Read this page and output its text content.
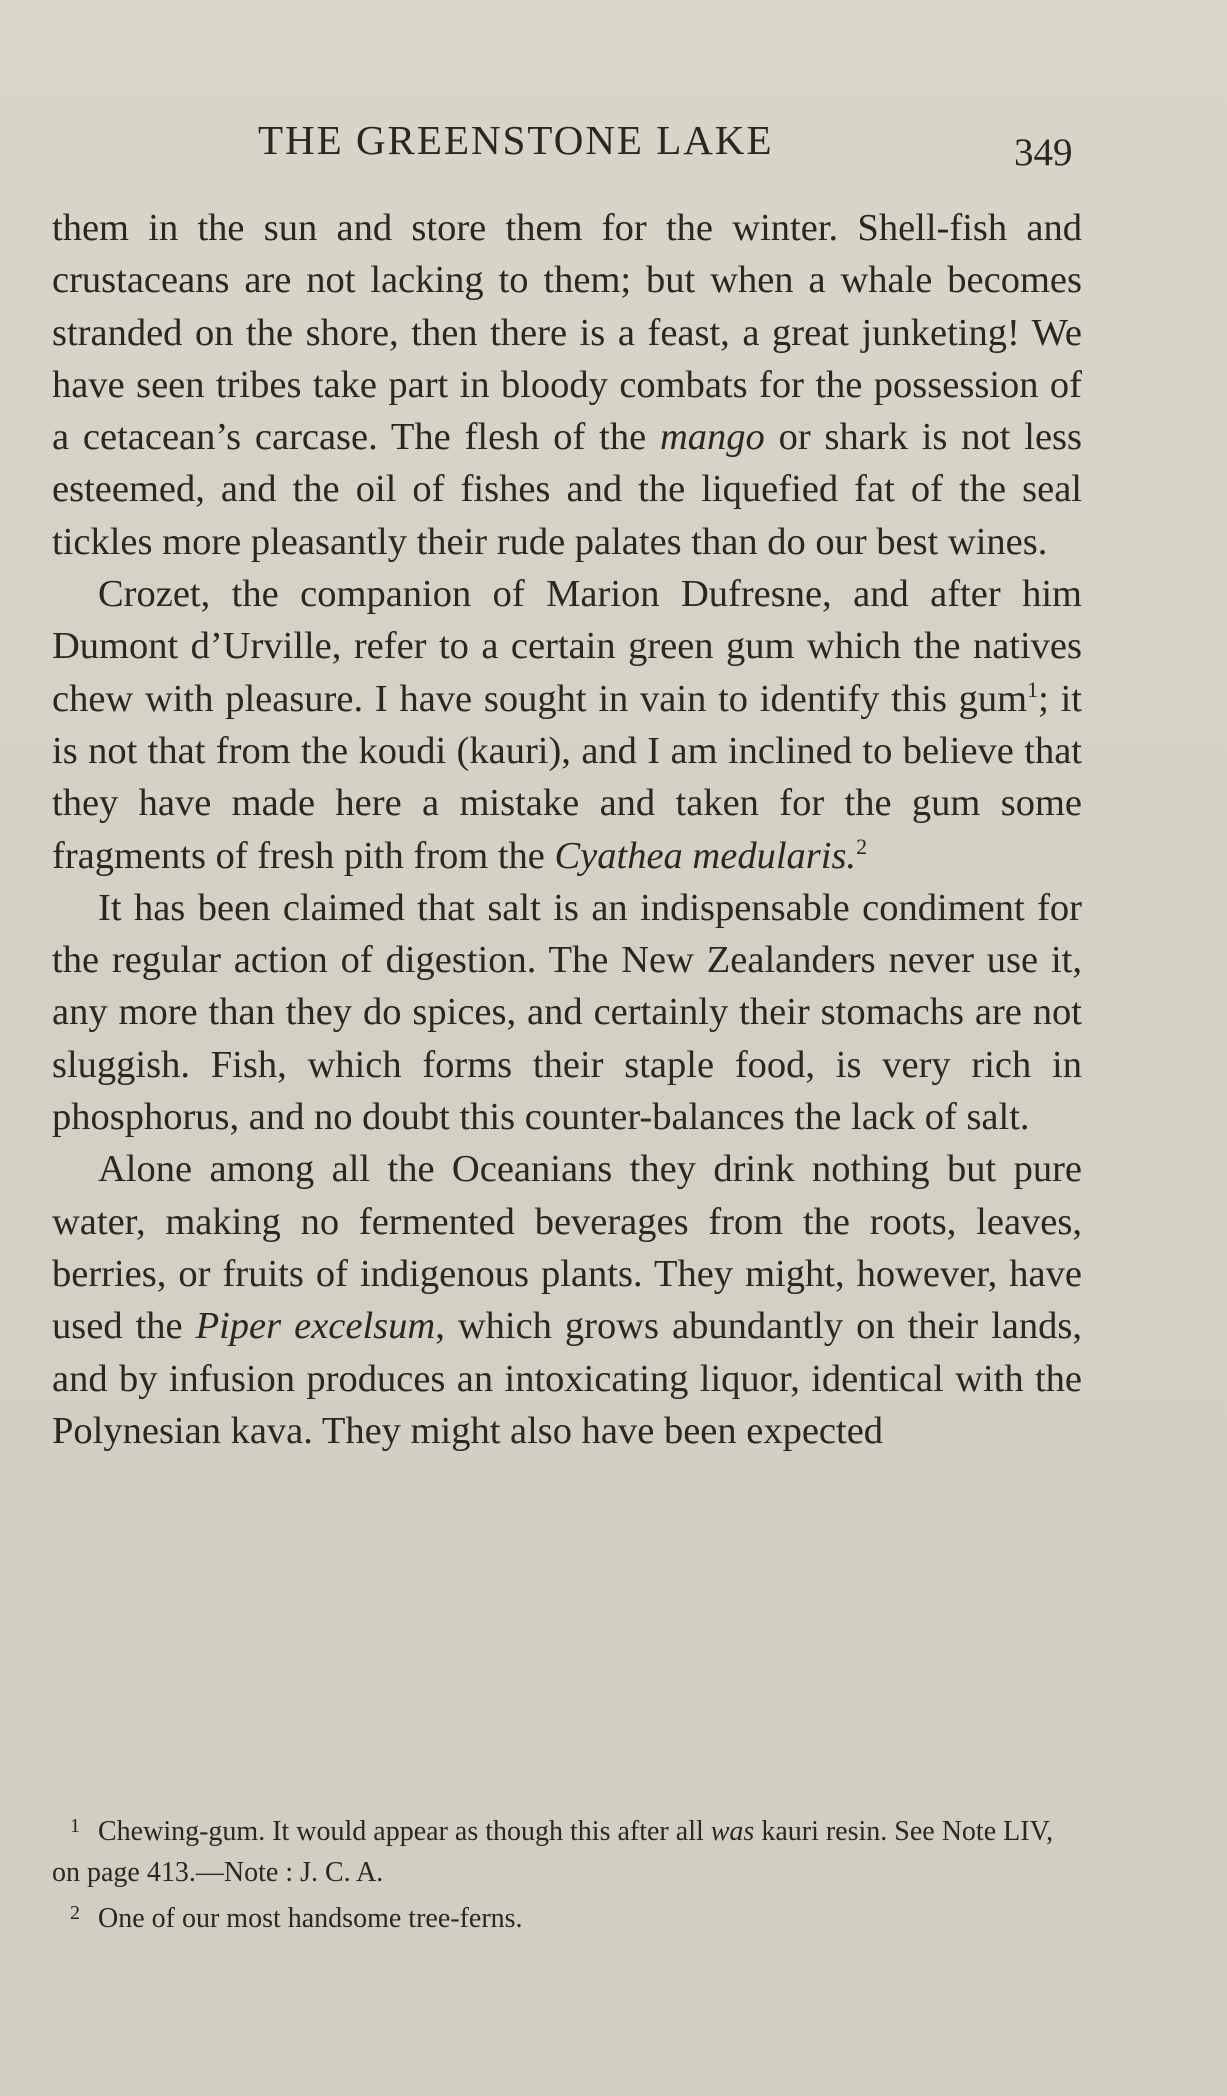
THE GREENSTONE LAKE	349

them in the sun and store them for the winter. Shell-fish and crustaceans are not lacking to them; but when a whale becomes stranded on the shore, then there is a feast, a great junketing! We have seen tribes take part in bloody combats for the possession of a cetacean’s carcase. The flesh of the mango or shark is not less esteemed, and the oil of fishes and the liquefied fat of the seal tickles more pleasantly their rude palates than do our best wines.

Crozet, the companion of Marion Dufresne, and after him Dumont d’Urville, refer to a certain green gum which the natives chew with pleasure. I have sought in vain to identify this gum$^1$; it is not that from the koudi (kauri), and I am inclined to believe that they have made here a mistake and taken for the gum some fragments of fresh pith from the Cyathea medularis.$^2$

It has been claimed that salt is an indispensable condiment for the regular action of digestion. The New Zealanders never use it, any more than they do spices, and certainly their stomachs are not sluggish. Fish, which forms their staple food, is very rich in phosphorus, and no doubt this counter-balances the lack of salt.

Alone among all the Oceanians they drink nothing but pure water, making no fermented beverages from the roots, leaves, berries, or fruits of indigenous plants. They might, however, have used the Piper excelsum, which grows abundantly on their lands, and by infusion produces an intoxicating liquor, identical with the Polynesian kava. They might also have been expected

1 Chewing-gum. It would appear as though this after all was kauri resin. See Note LIV, on page 413.—Note : J. C. A.

2 One of our most handsome tree-ferns.
